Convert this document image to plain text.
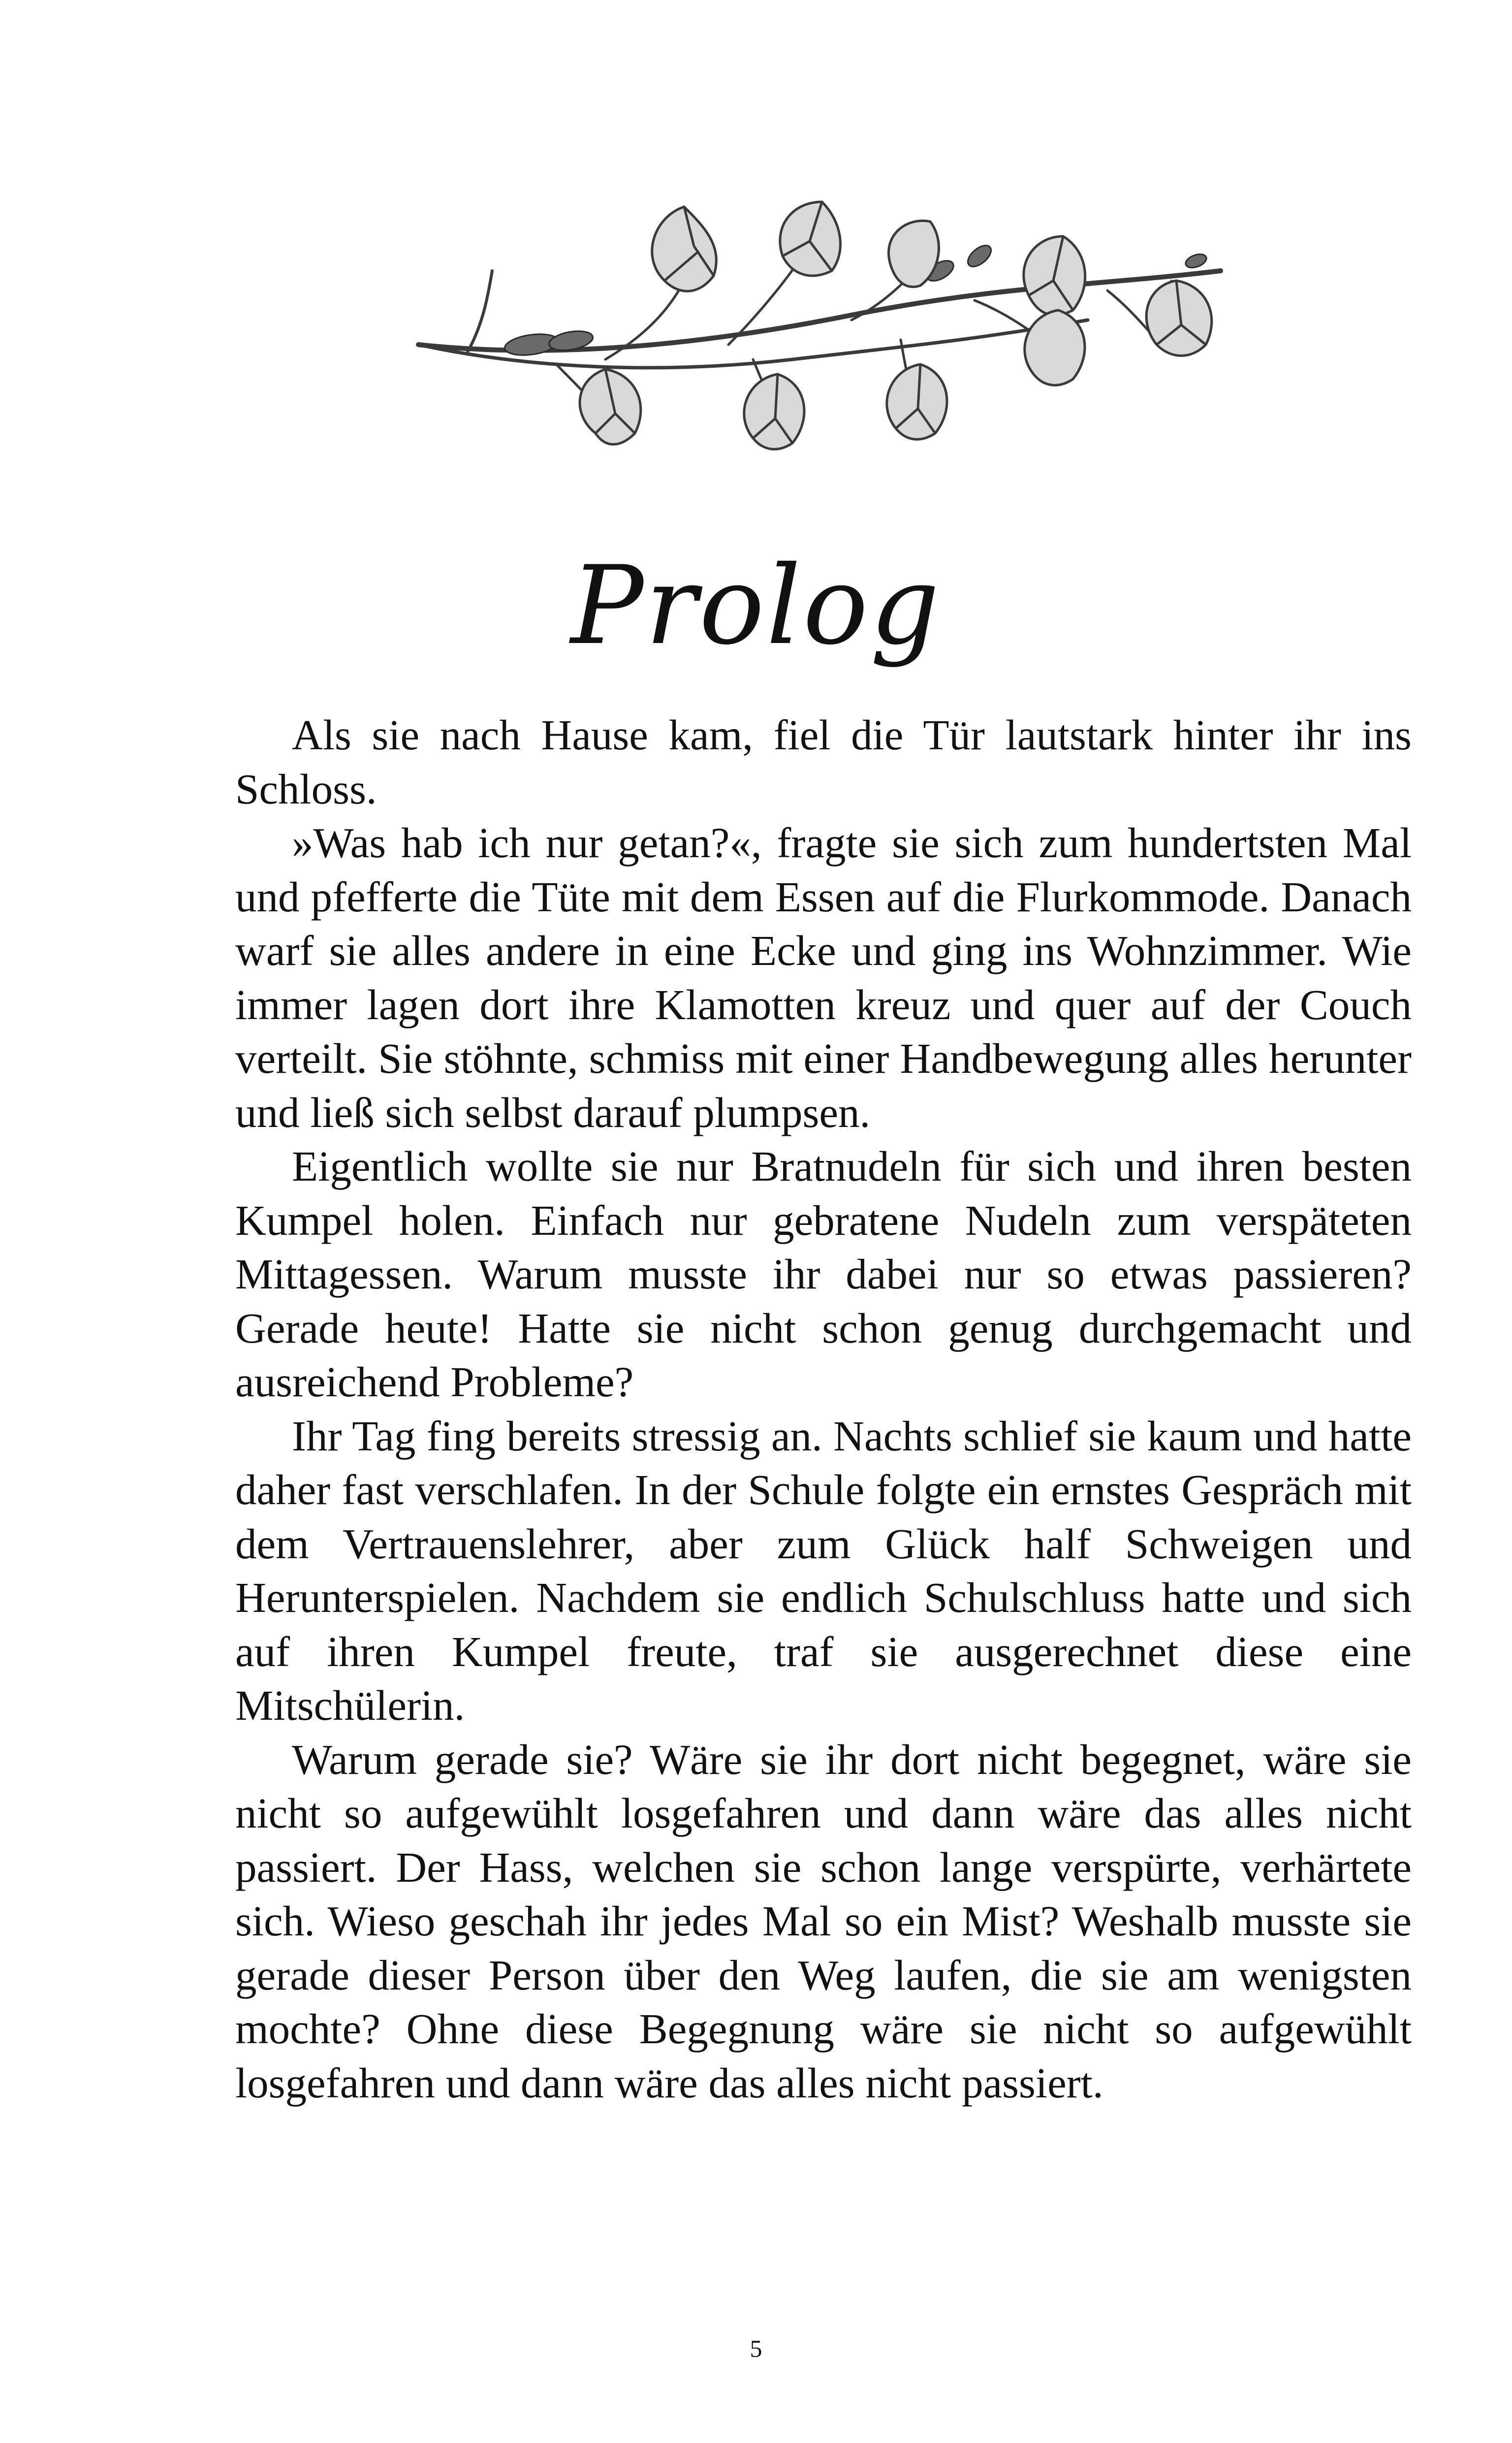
Prolog

Als sie nach Hause kam, fiel die Tür lautstark hinter ihr ins Schloss.

»Was hab ich nur getan?«, fragte sie sich zum hundertsten Mal und pfefferte die Tüte mit dem Essen auf die Flurkommode. Danach warf sie alles andere in eine Ecke und ging ins Wohnzimmer. Wie immer lagen dort ihre Klamotten kreuz und quer auf der Couch verteilt. Sie stöhnte, schmiss mit einer Handbewegung alles herunter und ließ sich selbst darauf plumpsen.

Eigentlich wollte sie nur Bratnudeln für sich und ihren besten Kumpel holen. Einfach nur gebratene Nudeln zum verspäteten Mittagessen. Warum musste ihr dabei nur so etwas passieren? Gerade heute! Hatte sie nicht schon genug durchgemacht und ausreichend Probleme?

Ihr Tag fing bereits stressig an. Nachts schlief sie kaum und hatte daher fast verschlafen. In der Schule folgte ein ernstes Gespräch mit dem Vertrauenslehrer, aber zum Glück half Schweigen und Herunterspielen. Nachdem sie endlich Schulschluss hatte und sich auf ihren Kumpel freute, traf sie ausgerechnet diese eine Mitschülerin.

Warum gerade sie? Wäre sie ihr dort nicht begegnet, wäre sie nicht so aufgewühlt losgefahren und dann wäre das alles nicht passiert. Der Hass, welchen sie schon lange verspürte, verhärtete sich. Wieso geschah ihr jedes Mal so ein Mist? Weshalb musste sie gerade dieser Person über den Weg laufen, die sie am wenigsten mochte? Ohne diese Begegnung wäre sie nicht so aufgewühlt losgefahren und dann wäre das alles nicht passiert.

5
